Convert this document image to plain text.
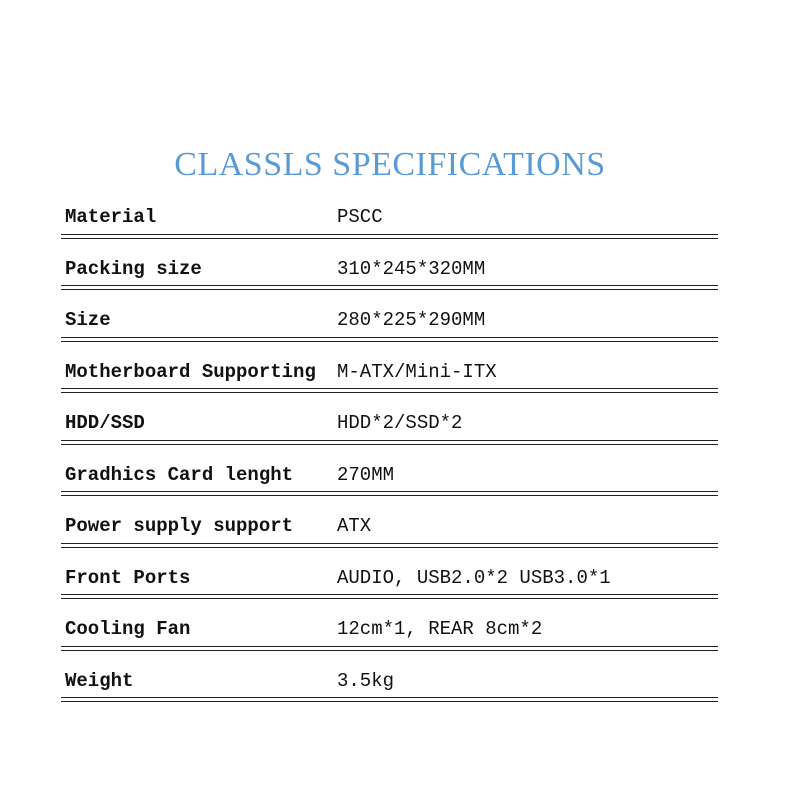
CLASSLS SPECIFICATIONS
Material	PSCC
Packing size	310*245*320MM
Size	280*225*290MM
Motherboard Supporting M-ATX/Mini-ITX
HDD/SSD	HDD*2/SSD*2
Gradhics Card lenght 270MM
Power supply support ATX
Front Ports	AUDIO, USB2.0*2 USB3.0*1
Cooling Fan	12cm*1, REAR 8cm*2
Weight	3.5kg
